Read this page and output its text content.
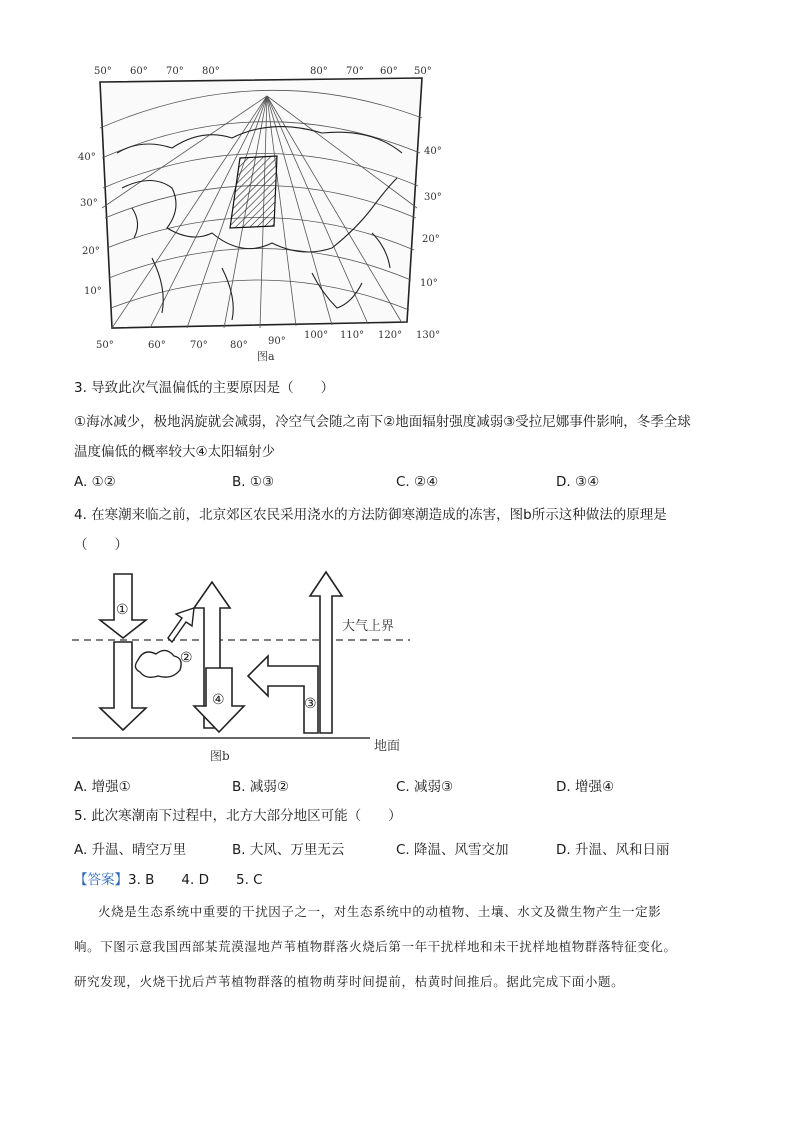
50° 60° 70° 80°	80° 70° 60° 50°
40°
30°
20°
10°
40°
30°
20°
10°
50°	60° 70° 80° 90°
100° 110° 120° 130°
图a
3. 导致此次气温偏低的主要原因是（　　）
①海冰减少，极地涡旋就会减弱，冷空气会随之南下②地面辐射强度减弱③受拉尼娜事件影响，冬季全球
温度偏低的概率较大④太阳辐射少
A. ①②	B. ①③	C. ②④	D. ③④
4. 在寒潮来临之前，北京郊区农民采用浇水的方法防御寒潮造成的冻害，图b所示这种做法的原理是
（　　）
①
②
④	③
大气上界
地面
图b
A. 增强①	B. 减弱②	C. 减弱③	D. 增强④
5. 此次寒潮南下过程中，北方大部分地区可能（　　）
A. 升温、晴空万里	B. 大风、万里无云	C. 降温、风雪交加	D. 升温、风和日丽
【答案】3. B　　4. D　　5. C
火烧是生态系统中重要的干扰因子之一，对生态系统中的动植物、土壤、水文及微生物产生一定影
响。下图示意我国西部某荒漠湿地芦苇植物群落火烧后第一年干扰样地和未干扰样地植物群落特征变化。
研究发现，火烧干扰后芦苇植物群落的植物萌芽时间提前，枯黄时间推后。据此完成下面小题。
